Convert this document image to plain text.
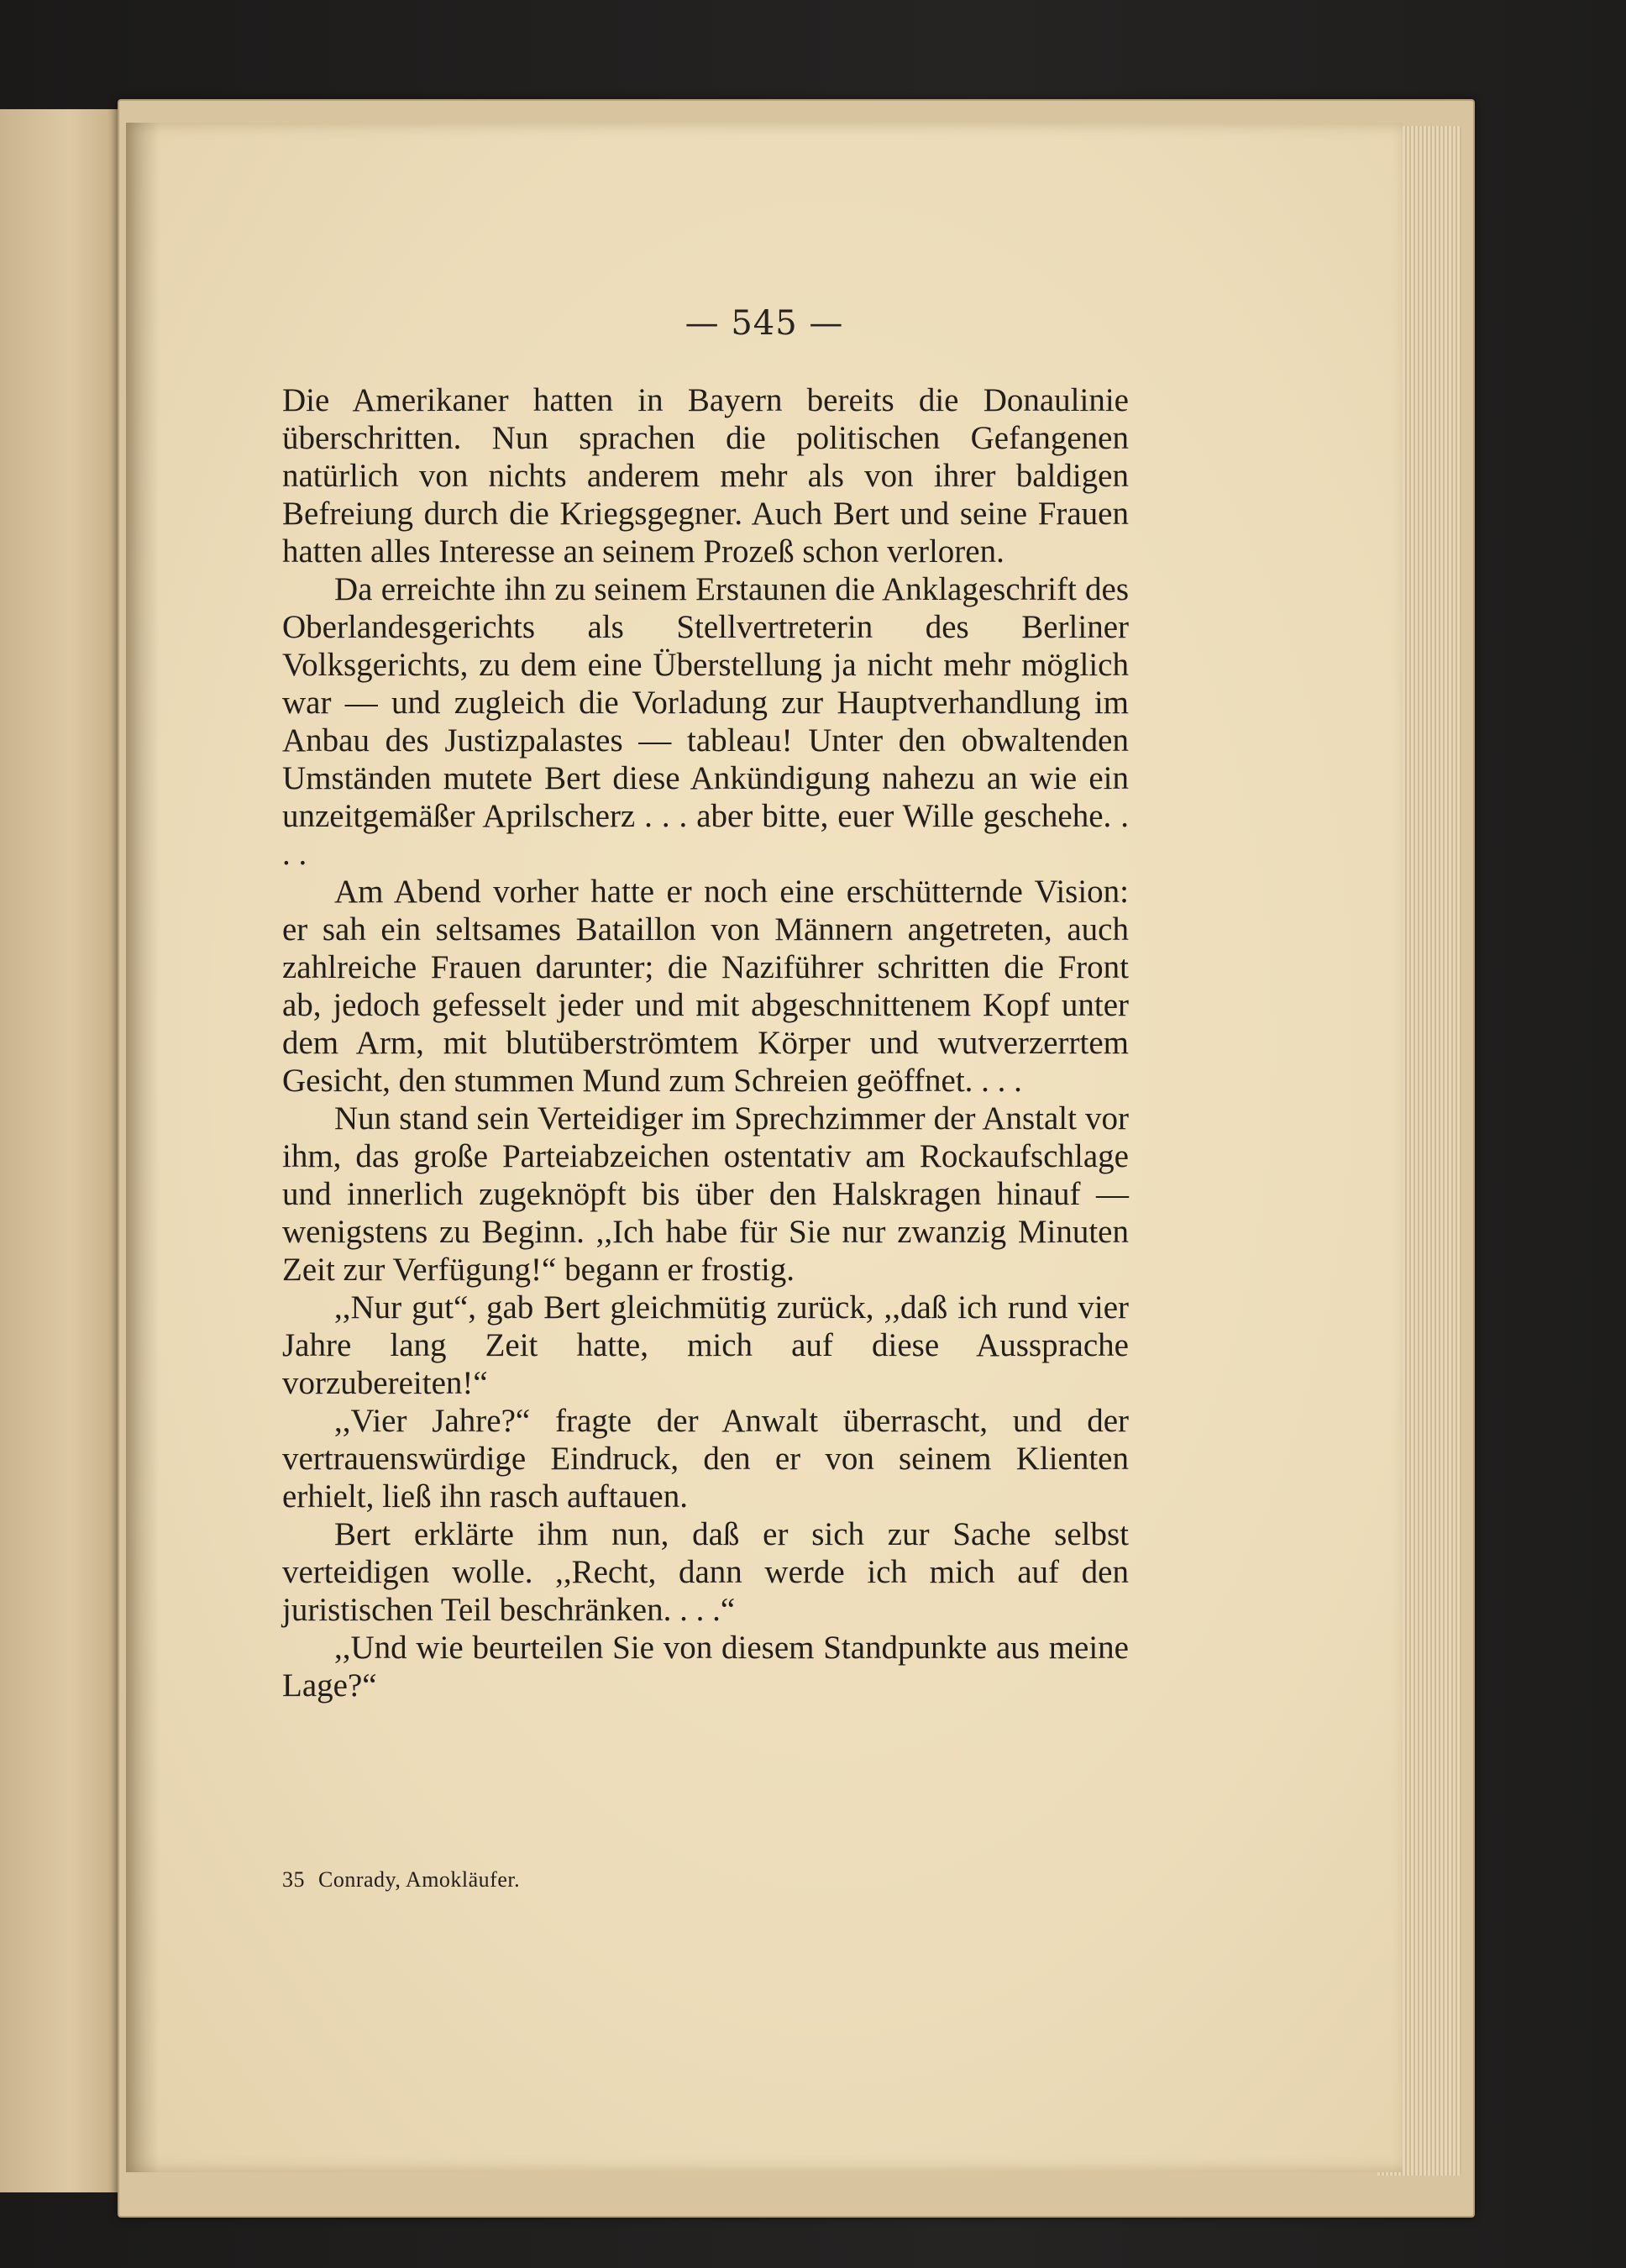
— 545 —

Die Amerikaner hatten in Bayern bereits die Donaulinie überschritten. Nun sprachen die politischen Gefangenen natürlich von nichts anderem mehr als von ihrer baldigen Befreiung durch die Kriegsgegner. Auch Bert und seine Frauen hatten alles Interesse an seinem Prozeß schon verloren.

Da erreichte ihn zu seinem Erstaunen die Anklageschrift des Oberlandesgerichts als Stellvertreterin des Berliner Volksgerichts, zu dem eine Überstellung ja nicht mehr möglich war — und zugleich die Vorladung zur Hauptverhandlung im Anbau des Justizpalastes — tableau! Unter den obwaltenden Umständen mutete Bert diese Ankündigung nahezu an wie ein unzeitgemäßer Aprilscherz . . . aber bitte, euer Wille geschehe. . . .

Am Abend vorher hatte er noch eine erschütternde Vision: er sah ein seltsames Bataillon von Männern angetreten, auch zahlreiche Frauen darunter; die Naziführer schritten die Front ab, jedoch gefesselt jeder und mit abgeschnittenem Kopf unter dem Arm, mit blutüberströmtem Körper und wutverzerrtem Gesicht, den stummen Mund zum Schreien geöffnet. . . .

Nun stand sein Verteidiger im Sprechzimmer der Anstalt vor ihm, das große Parteiabzeichen ostentativ am Rockaufschlage und innerlich zugeknöpft bis über den Halskragen hinauf — wenigstens zu Beginn. ,,Ich habe für Sie nur zwanzig Minuten Zeit zur Verfügung!“ begann er frostig.

,,Nur gut“, gab Bert gleichmütig zurück, ,,daß ich rund vier Jahre lang Zeit hatte, mich auf diese Aussprache vorzubereiten!“

,,Vier Jahre?“ fragte der Anwalt überrascht, und der vertrauenswürdige Eindruck, den er von seinem Klienten erhielt, ließ ihn rasch auftauen.

Bert erklärte ihm nun, daß er sich zur Sache selbst verteidigen wolle. ,,Recht, dann werde ich mich auf den juristischen Teil beschränken. . . .“

,,Und wie beurteilen Sie von diesem Standpunkte aus meine Lage?“

35 Conrady, Amokläufer.
